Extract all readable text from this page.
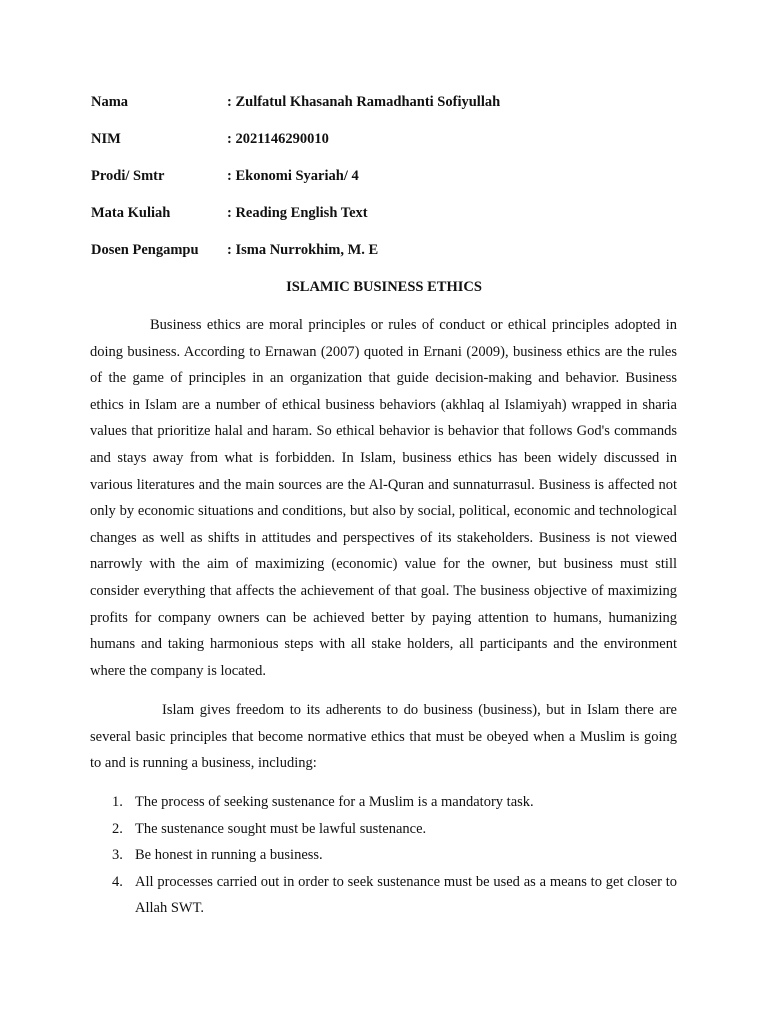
Nama	: Zulfatul Khasanah Ramadhanti Sofiyullah
NIM	: 2021146290010
Prodi/ Smtr	: Ekonomi Syariah/ 4
Mata Kuliah	: Reading English Text
Dosen Pengampu	: Isma Nurrokhim, M. E
ISLAMIC BUSINESS ETHICS

Business ethics are moral principles or rules of conduct or ethical principles adopted in doing business. According to Ernawan (2007) quoted in Ernani (2009), business ethics are the rules of the game of principles in an organization that guide decision-making and behavior. Business ethics in Islam are a number of ethical business behaviors (akhlaq al Islamiyah) wrapped in sharia values that prioritize halal and haram. So ethical behavior is behavior that follows God's commands and stays away from what is forbidden. In Islam, business ethics has been widely discussed in various literatures and the main sources are the Al-Quran and sunnaturrasul. Business is affected not only by economic situations and conditions, but also by social, political, economic and technological changes as well as shifts in attitudes and perspectives of its stakeholders. Business is not viewed narrowly with the aim of maximizing (economic) value for the owner, but business must still consider everything that affects the achievement of that goal. The business objective of maximizing profits for company owners can be achieved better by paying attention to humans, humanizing humans and taking harmonious steps with all stake holders, all participants and the environment where the company is located.

Islam gives freedom to its adherents to do business (business), but in Islam there are several basic principles that become normative ethics that must be obeyed when a Muslim is going to and is running a business, including:

1. The process of seeking sustenance for a Muslim is a mandatory task.
2. The sustenance sought must be lawful sustenance.
3. Be honest in running a business.
4. All processes carried out in order to seek sustenance must be used as a means to get closer to Allah SWT.
